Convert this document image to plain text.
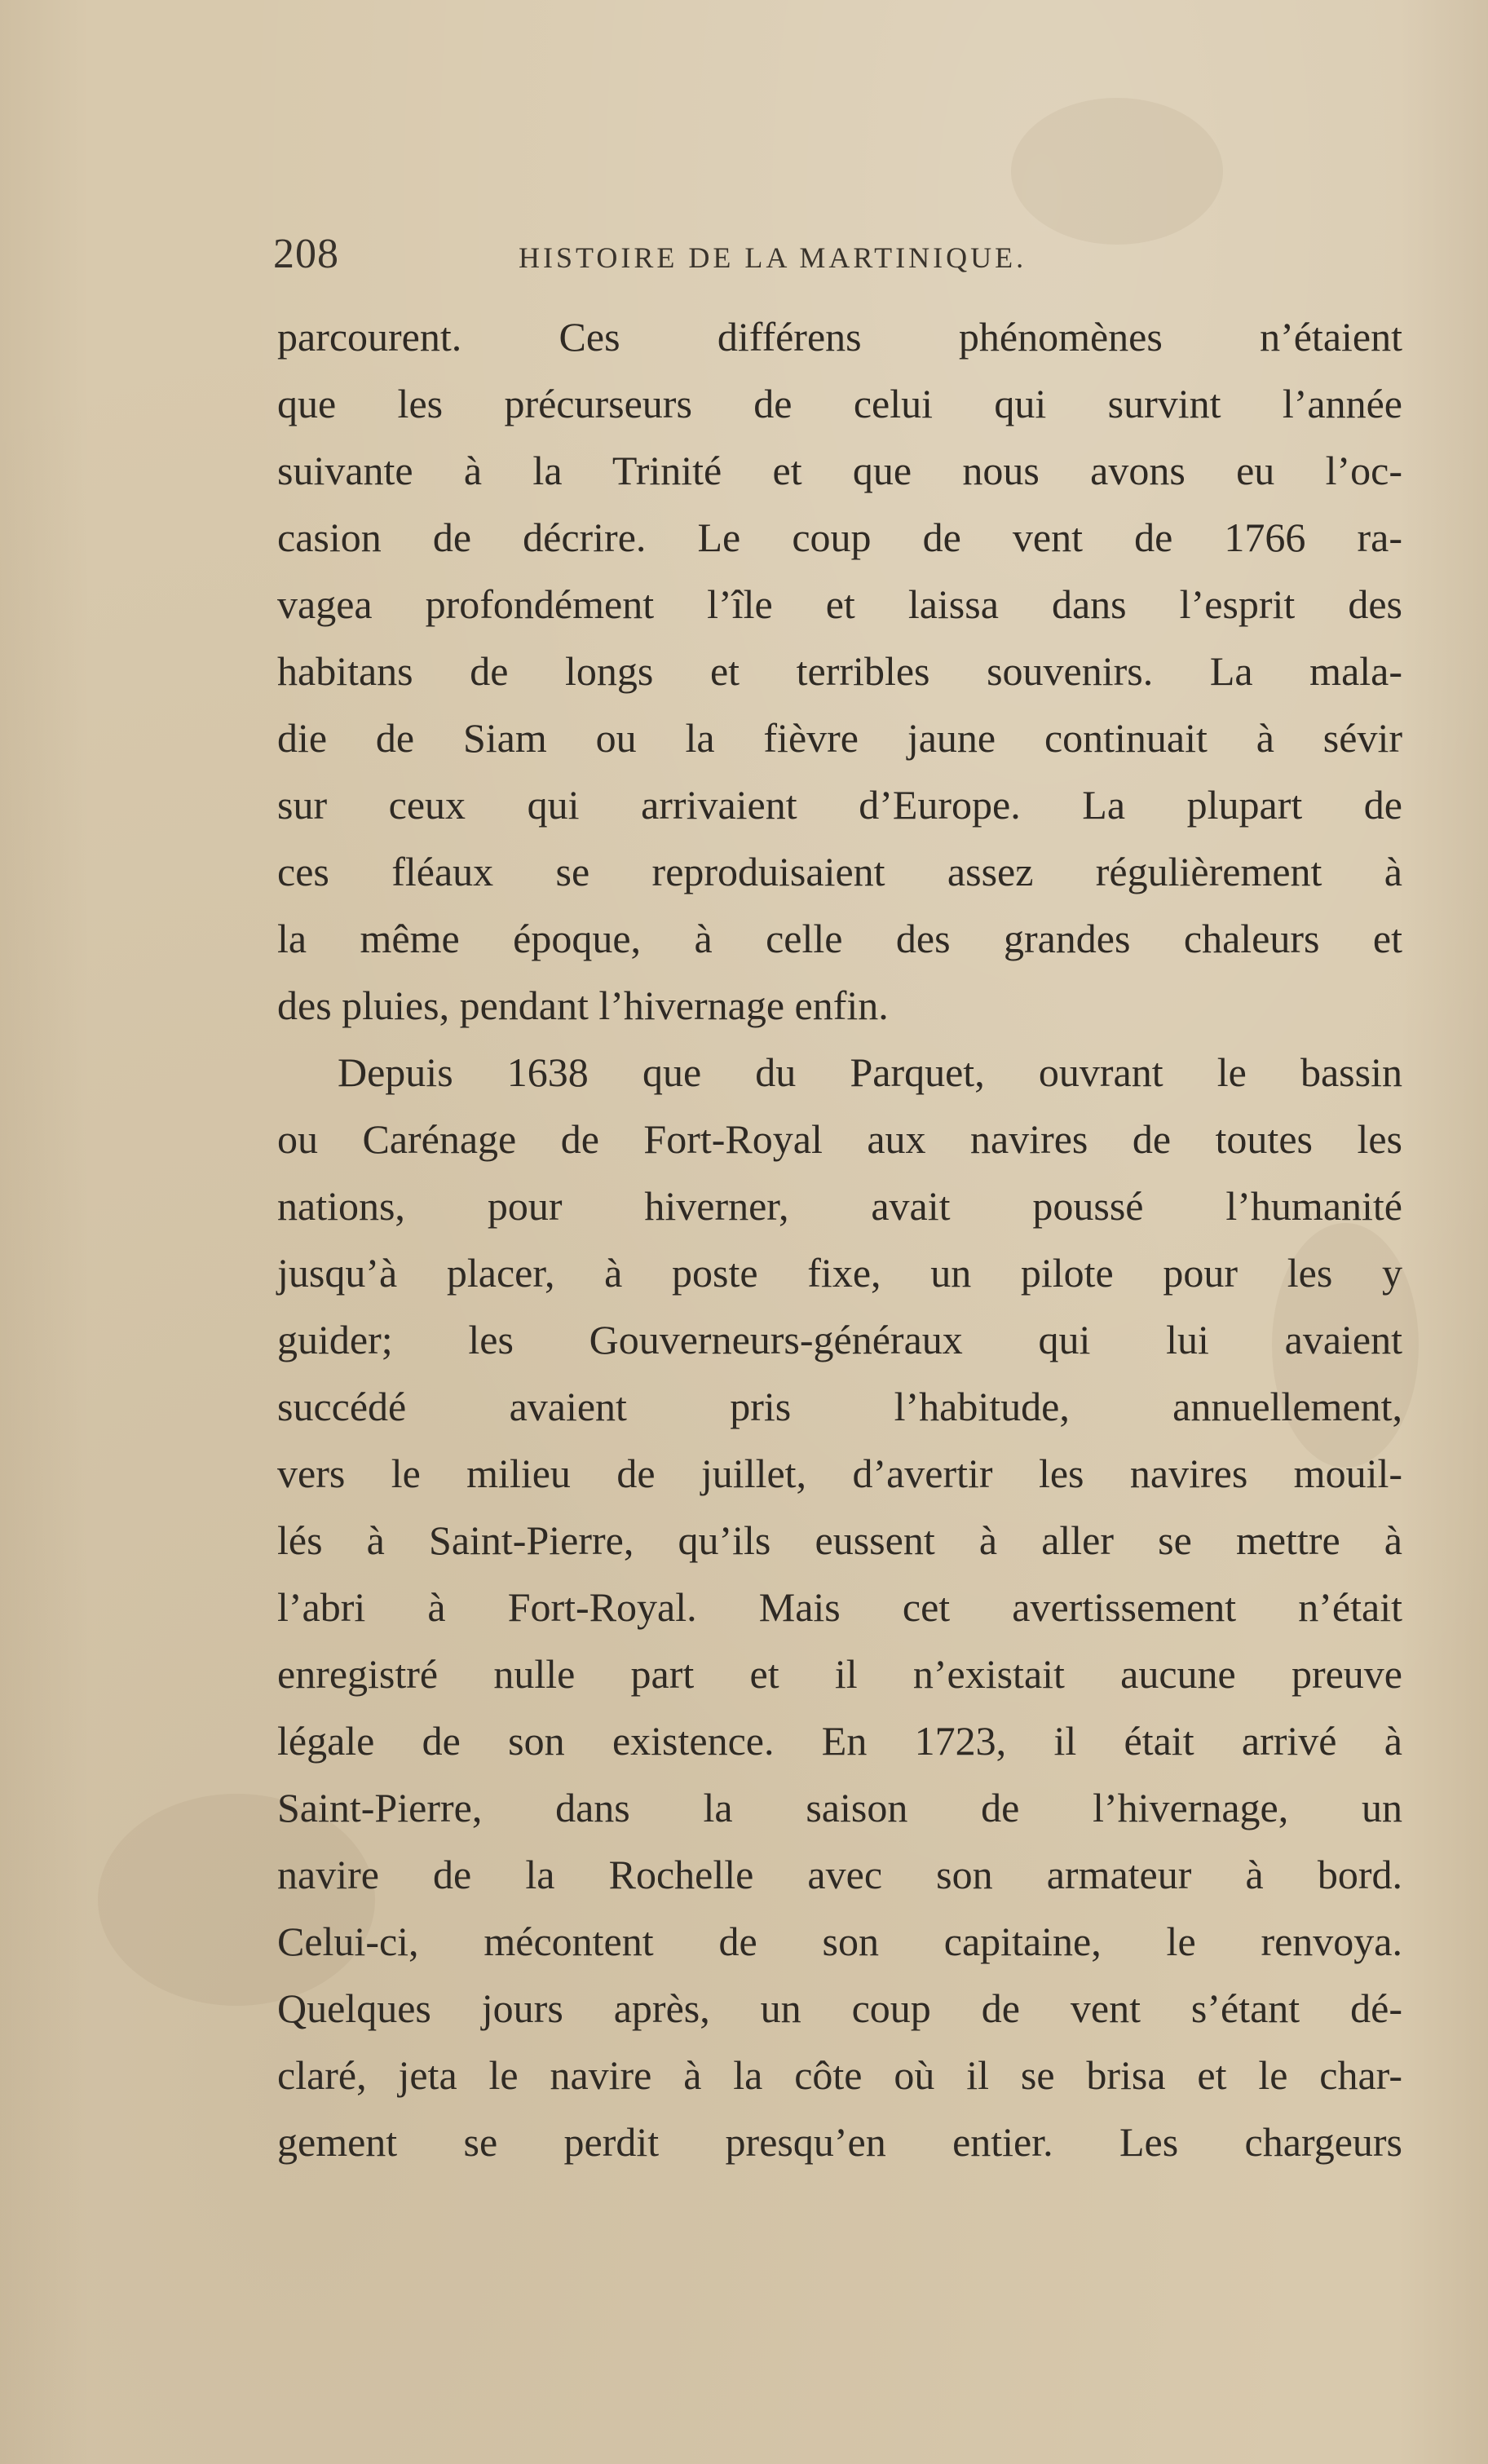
208	HISTOIRE DE LA MARTINIQUE.
parcourent. Ces différens phénomènes n’étaient
que les précurseurs de celui qui survint l’année
suivante à la Trinité et que nous avons eu l’oc-
casion de décrire. Le coup de vent de 1766 ra-
vagea profondément l’île et laissa dans l’esprit des
habitans de longs et terribles souvenirs. La mala-
die de Siam ou la fièvre jaune continuait à sévir
sur ceux qui arrivaient d’Europe. La plupart de
ces fléaux se reproduisaient assez régulièrement à
la même époque, à celle des grandes chaleurs et
des pluies, pendant l’hivernage enfin.
Depuis 1638 que du Parquet, ouvrant le bassin
ou Carénage de Fort-Royal aux navires de toutes les
nations, pour hiverner, avait poussé l’humanité
jusqu’à placer, à poste fixe, un pilote pour les y
guider; les Gouverneurs-généraux qui lui avaient
succédé avaient pris l’habitude, annuellement,
vers le milieu de juillet, d’avertir les navires mouil-
lés à Saint-Pierre, qu’ils eussent à aller se mettre à
l’abri à Fort-Royal. Mais cet avertissement n’était
enregistré nulle part et il n’existait aucune preuve
légale de son existence. En 1723, il était arrivé à
Saint-Pierre, dans la saison de l’hivernage, un
navire de la Rochelle avec son armateur à bord.
Celui-ci, mécontent de son capitaine, le renvoya.
Quelques jours après, un coup de vent s’étant dé-
claré, jeta le navire à la côte où il se brisa et le char-
gement se perdit presqu’en entier. Les chargeurs
